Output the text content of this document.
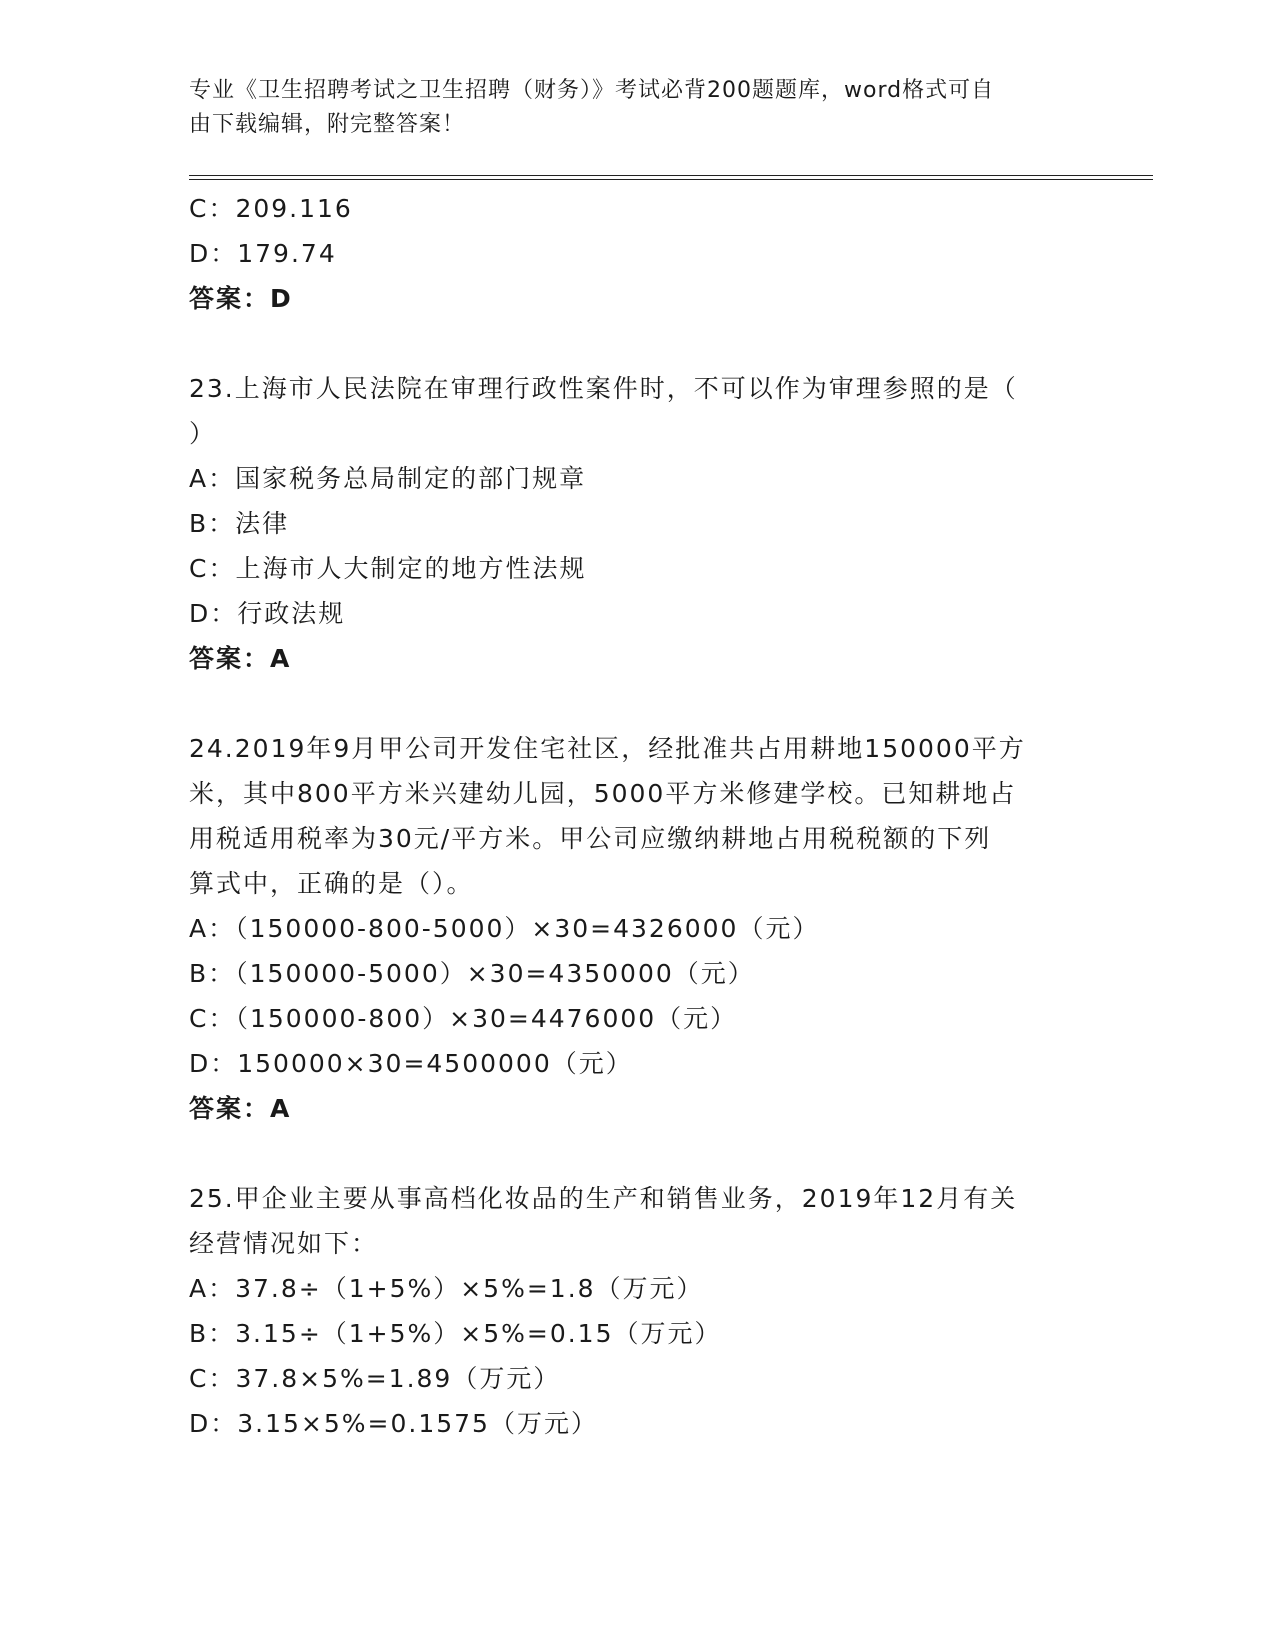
专业《卫生招聘考试之卫生招聘（财务）》考试必背200题题库，word格式可自
由下载编辑，附完整答案！
C：209.116
D：179.74
答案：D
23.上海市人民法院在审理行政性案件时，不可以作为审理参照的是（
）
A：国家税务总局制定的部门规章
B：法律
C：上海市人大制定的地方性法规
D：行政法规
答案：A
24.2019年9月甲公司开发住宅社区，经批准共占用耕地150000平方
米，其中800平方米兴建幼儿园，5000平方米修建学校。已知耕地占
用税适用税率为30元/平方米。甲公司应缴纳耕地占用税税额的下列
算式中，正确的是（）。
A：（150000-800-5000）×30=4326000（元）
B：（150000-5000）×30=4350000（元）
C：（150000-800）×30=4476000（元）
D：150000×30=4500000（元）
答案：A
25.甲企业主要从事高档化妆品的生产和销售业务，2019年12月有关
经营情况如下：
A：37.8÷（1+5%）×5%=1.8（万元）
B：3.15÷（1+5%）×5%=0.15（万元）
C：37.8×5%=1.89（万元）
D：3.15×5%=0.1575（万元）
